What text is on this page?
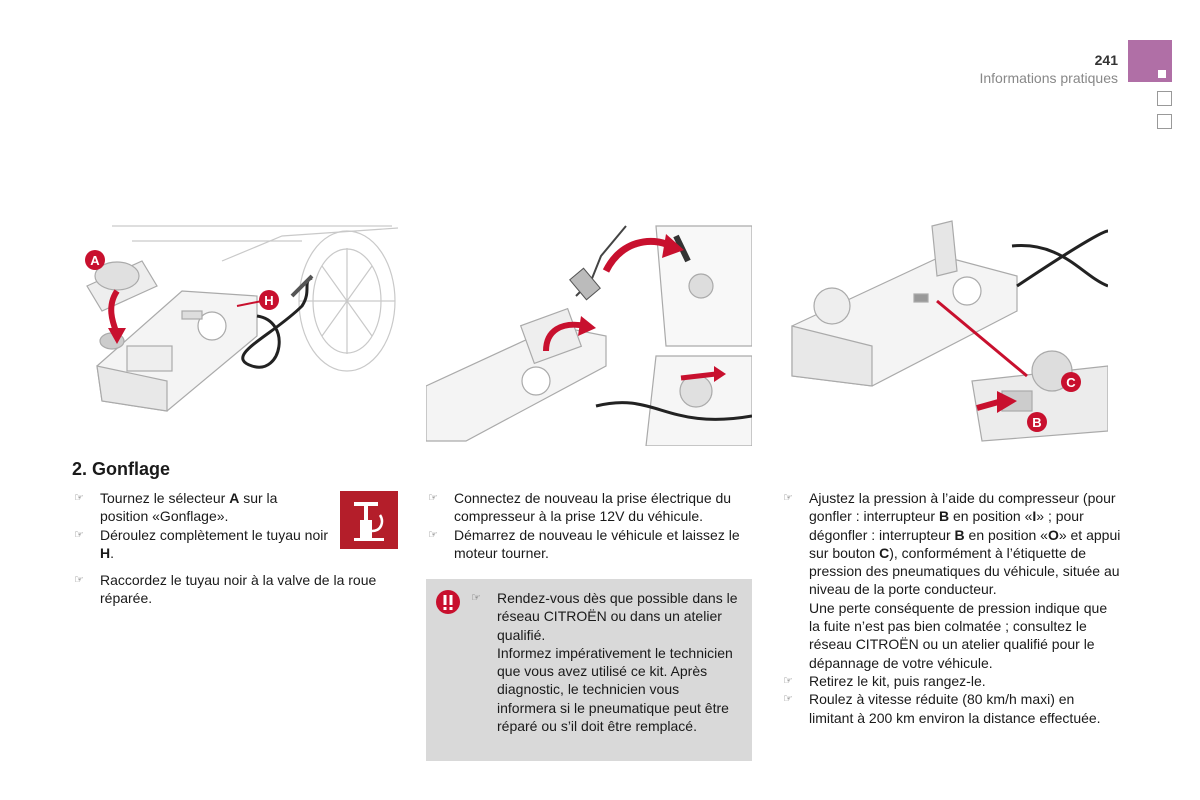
241
Informations pratiques
A
H
C
B
2. Gonflage
☞ Tournez le sélecteur A sur la position «Gonflage».
☞ Déroulez complètement le tuyau noir H.
☞ Raccordez le tuyau noir à la valve de la roue réparée.
☞ Connectez de nouveau la prise électrique du compresseur à la prise 12V du véhicule.
☞ Démarrez de nouveau le véhicule et laissez le moteur tourner.
☞ Rendez-vous dès que possible dans le réseau CITROËN ou dans un atelier qualifié.
Informez impérativement le technicien que vous avez utilisé ce kit. Après diagnostic, le technicien vous informera si le pneumatique peut être réparé ou s’il doit être remplacé.
☞ Ajustez la pression à l’aide du compresseur (pour gonfler : interrupteur B en position «I» ; pour dégonfler : interrupteur B en position «O» et appui sur bouton C), conformément à l’étiquette de pression des pneumatiques du véhicule, située au niveau de la porte conducteur.
Une perte conséquente de pression indique que la fuite n’est pas bien colmatée ; consultez le réseau CITROËN ou un atelier qualifié pour le dépannage de votre véhicule.
☞ Retirez le kit, puis rangez-le.
☞ Roulez à vitesse réduite (80 km/h maxi) en limitant à 200 km environ la distance effectuée.
